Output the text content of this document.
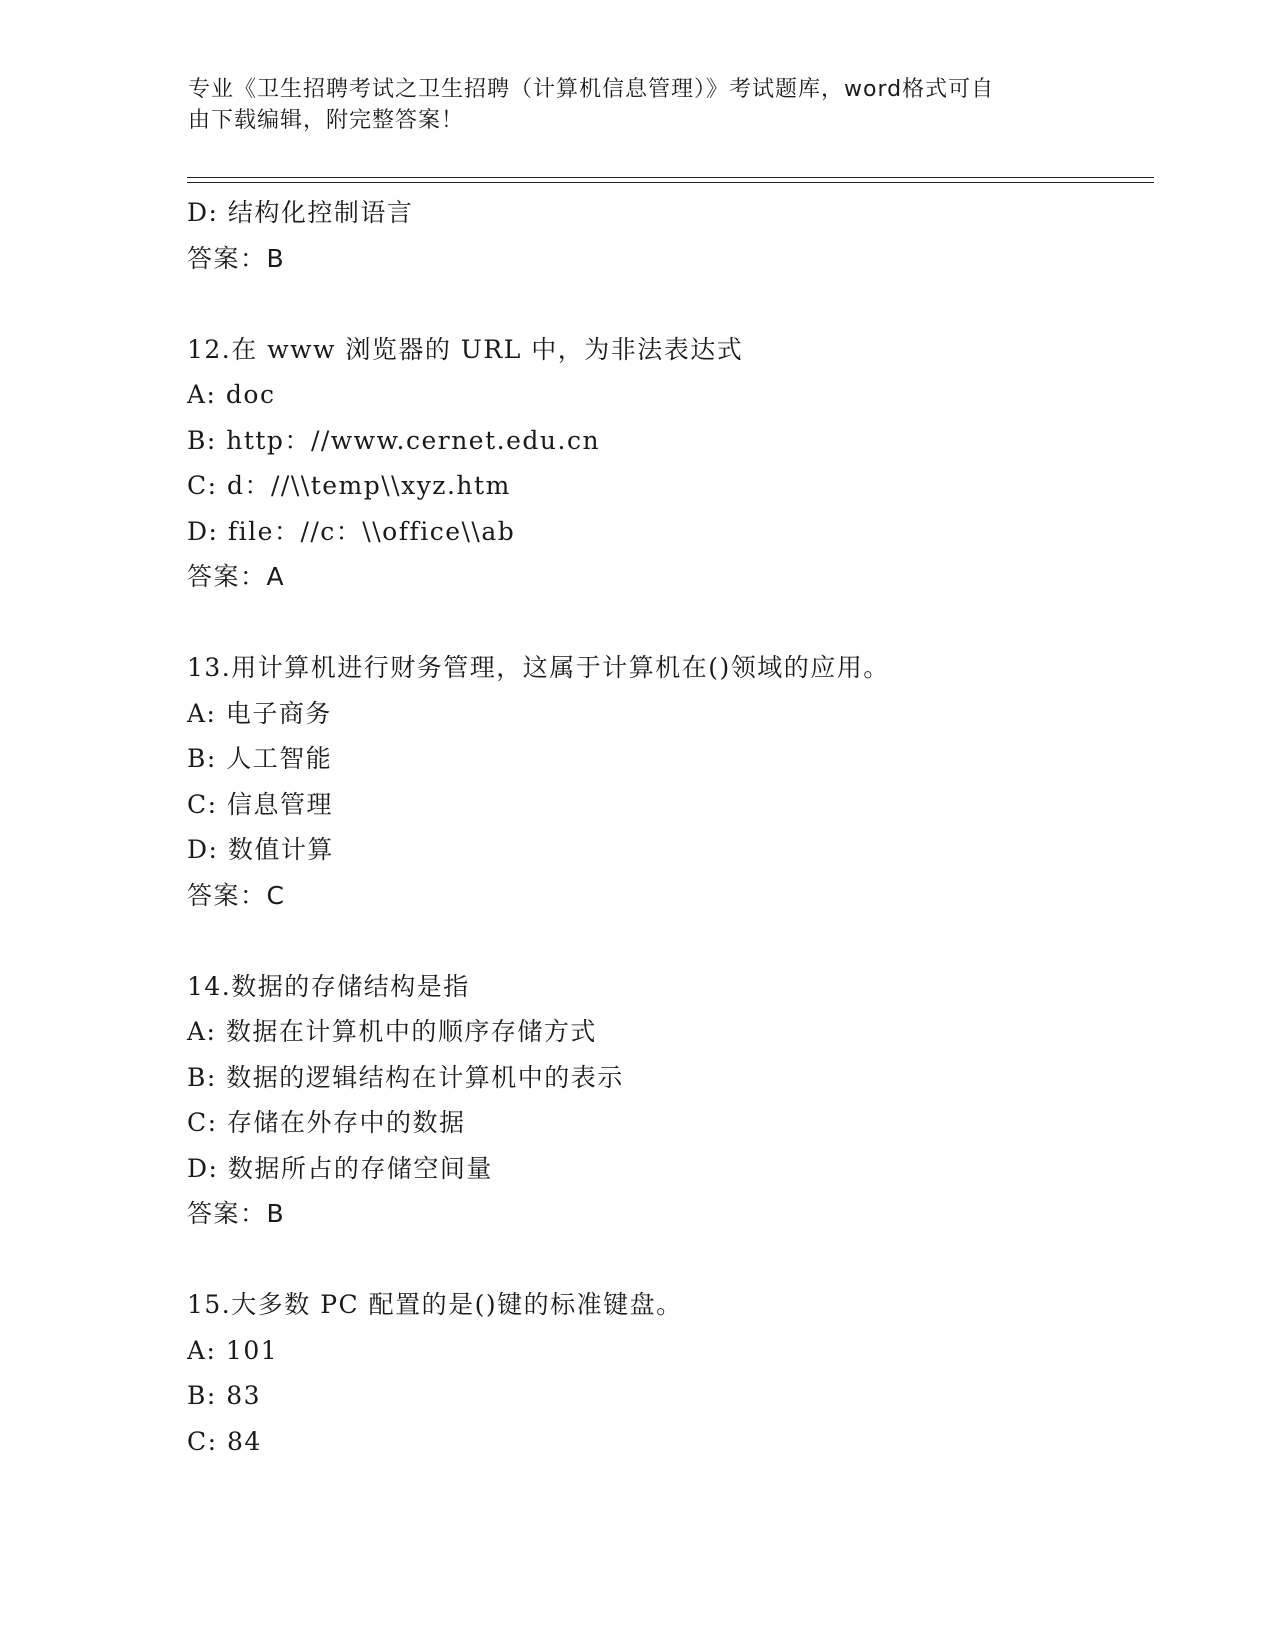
专业《卫生招聘考试之卫生招聘（计算机信息管理）》考试题库，word格式可自
由下载编辑，附完整答案！
D: 结构化控制语言
答案：B
12.在 www 浏览器的 URL 中，为非法表达式
A: doc
B: http：//www.cernet.edu.cn
C: d：//\\temp\\xyz.htm
D: file：//c：\\office\\ab
答案：A
13.用计算机进行财务管理，这属于计算机在()领域的应用。
A: 电子商务
B: 人工智能
C: 信息管理
D: 数值计算
答案：C
14.数据的存储结构是指
A: 数据在计算机中的顺序存储方式
B: 数据的逻辑结构在计算机中的表示
C: 存储在外存中的数据
D: 数据所占的存储空间量
答案：B
15.大多数 PC 配置的是()键的标准键盘。
A: 101
B: 83
C: 84
